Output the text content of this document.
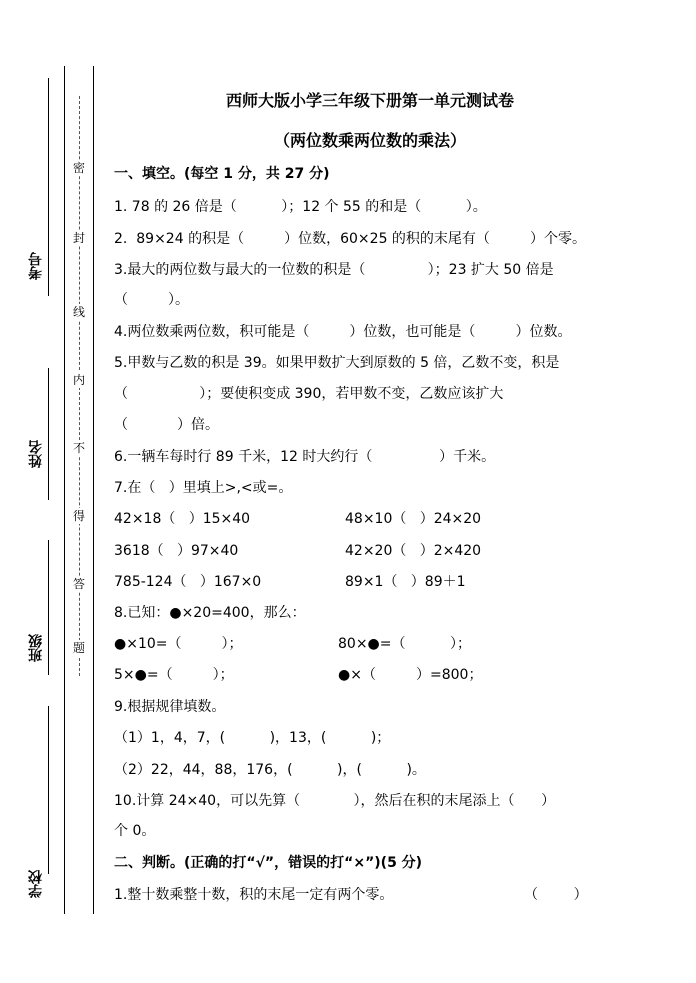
考号
姓名
班级
学校
密
封
线
内
不
得
答
题
西师大版小学三年级下册第一单元测试卷
（两位数乘两位数的乘法）
一、填空。(每空 1 分，共 27 分)
1. 78 的 26 倍是（          ）；12 个 55 的和是（          ）。
2.  89×24 的积是（         ）位数，60×25 的积的末尾有（         ）个零。
3.最大的两位数与最大的一位数的积是（              ）；23 扩大 50 倍是
（         ）。
4.两位数乘两位数，积可能是（         ）位数，也可能是（         ）位数。
5.甲数与乙数的积是 39。如果甲数扩大到原数的 5 倍，乙数不变，积是
（                ）；要使积变成 390，若甲数不变，乙数应该扩大
（           ）倍。
6.一辆车每时行 89 千米，12 时大约行（               ）千米。
7.在（   ）里填上>,<或=。
42×18（   ）15×40	48×10（   ）24×20
3618（   ）97×40	42×20（   ）2×420
785-124（   ）167×0	89×1（   ）89＋1
8.已知：●×20=400，那么：
●×10=（         ）；	80×●=（          ）；
5×●=（         ）；	●×（         ）=800；
9.根据规律填数。
（1）1，4，7，(          )，13，(          )；
（2）22，44，88，176，(          )，(          )。
10.计算 24×40，可以先算（            ），然后在积的末尾添上（      ）
个 0。
二、判断。(正确的打“√”，错误的打“×”)(5 分)
1.整十数乘整十数，积的末尾一定有两个零。	（        ）
